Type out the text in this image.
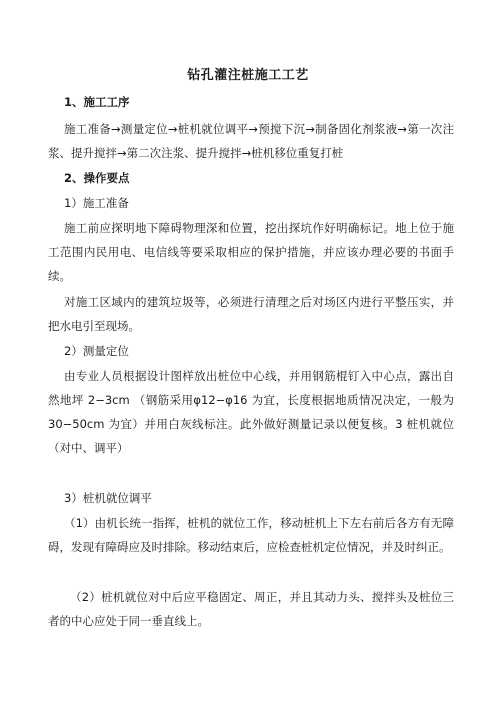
钻孔灌注桩施工工艺
1、施工工序
施工准备→测量定位→桩机就位调平→预搅下沉→制备固化剂浆液→第一次注浆、提升搅拌→第二次注浆、提升搅拌→桩机移位重复打桩
2、操作要点
1）施工准备
施工前应探明地下障碍物理深和位置，挖出探坑作好明确标记。地上位于施工范围内民用电、电信线等要采取相应的保护措施，并应该办理必要的书面手续。
对施工区域内的建筑垃圾等，必须进行清理之后对场区内进行平整压实，并把水电引至现场。
2）测量定位
由专业人员根据设计图样放出桩位中心线，并用钢筋棍钉入中心点，露出自然地坪 2−3cm （钢筋采用φ12−φ16 为宜，长度根据地质情况决定，一般为 30−50cm 为宜）并用白灰线标注。此外做好测量记录以便复核。3 桩机就位（对中、调平）
3）桩机就位调平
（1）由机长统一指挥，桩机的就位工作，移动桩机上下左右前后各方有无障碍，发现有障碍应及时排除。移动结束后，应检查桩机定位情况，并及时纠正。
（2）桩机就位对中后应平稳固定、周正，并且其动力头、搅拌头及桩位三者的中心应处于同一垂直线上。
